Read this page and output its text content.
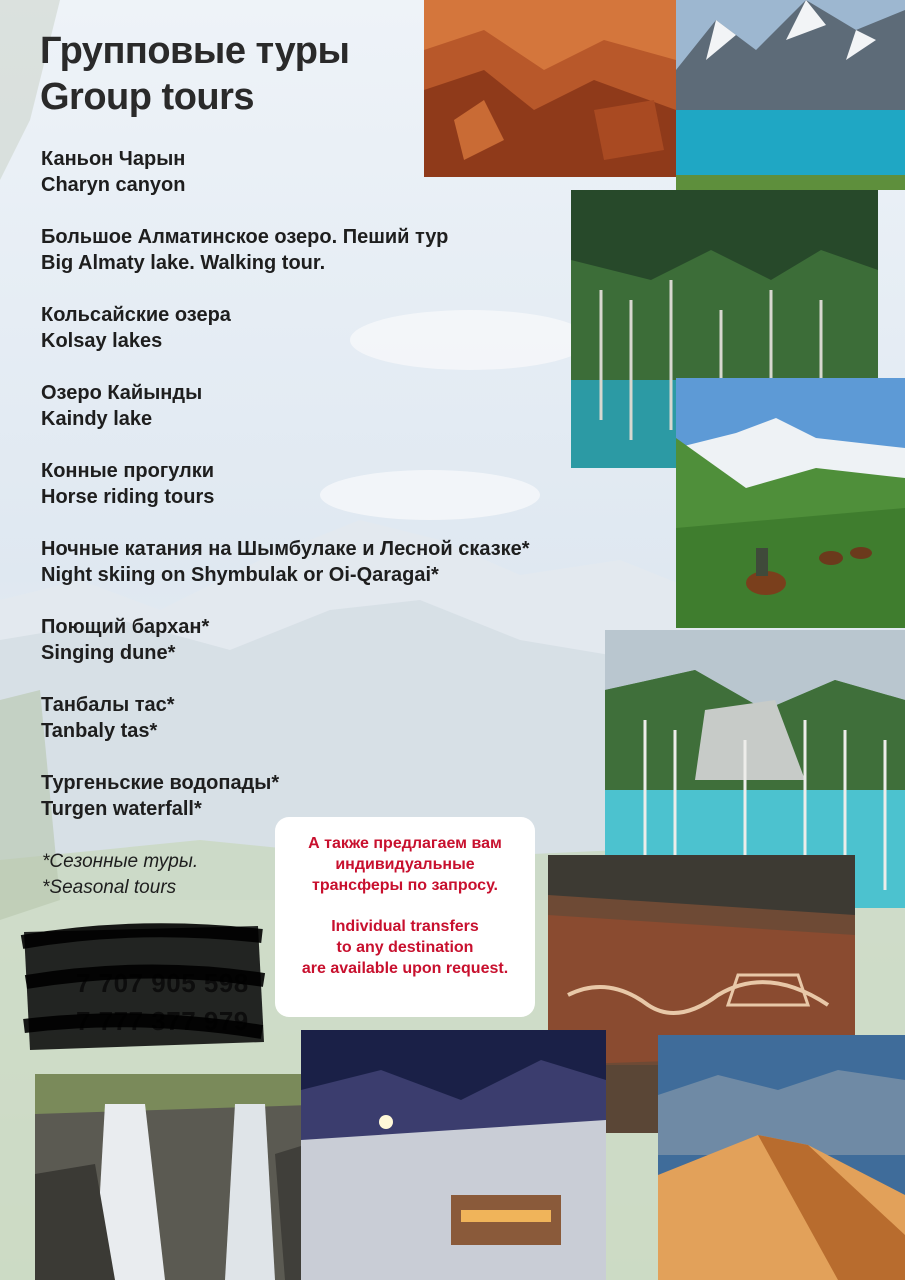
Групповые туры
Group tours
Каньон Чарын
Charyn canyon
Большое Алматинское озеро. Пеший тур
Big Almaty lake. Walking tour.
Кольсайские озера
Kolsay lakes
Озеро Кайынды
Kaindy lake
Конные прогулки
Horse riding tours
Ночные катания на Шымбулаке и Лесной сказке*
Night skiing on Shymbulak or Oi-Qaragai*
Поющий бархан*
Singing dune*
Танбалы тас*
Tanbaly tas*
Тургеньские водопады*
Turgen waterfall*
*Сезонные туры.
*Seasonal tours
А также предлагаем вам
индивидуальные
трансферы по запросу.
Individual transfers
to any destination
are available upon request.
